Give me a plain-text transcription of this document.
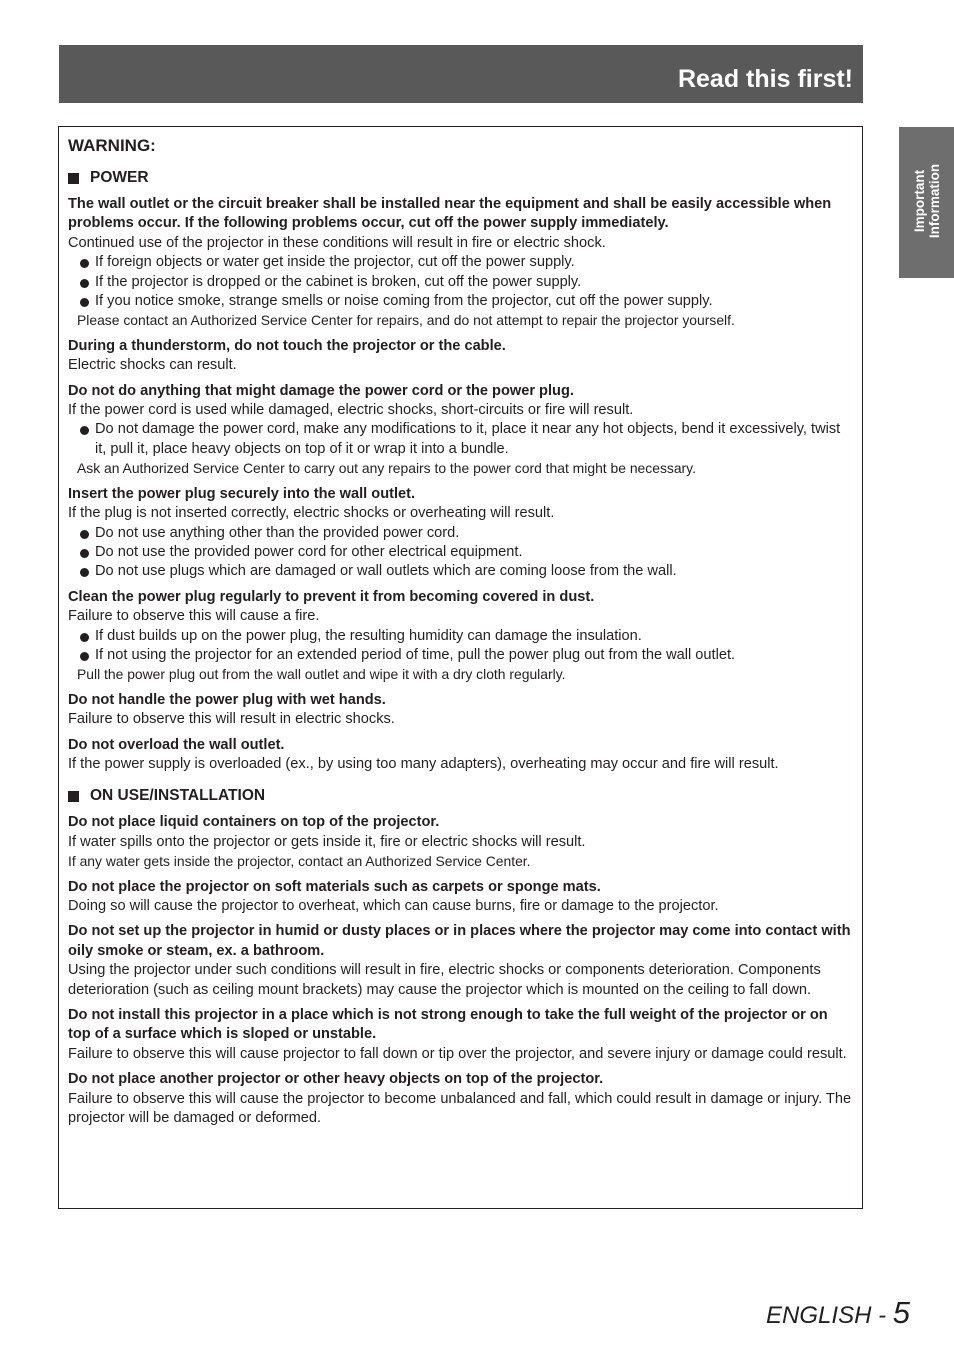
Read this first!
Important Information
WARNING:
POWER
The wall outlet or the circuit breaker shall be installed near the equipment and shall be easily accessible when problems occur. If the following problems occur, cut off the power supply immediately.
Continued use of the projector in these conditions will result in fire or electric shock.
If foreign objects or water get inside the projector, cut off the power supply.
If the projector is dropped or the cabinet is broken, cut off the power supply.
If you notice smoke, strange smells or noise coming from the projector, cut off the power supply.
Please contact an Authorized Service Center for repairs, and do not attempt to repair the projector yourself.
During a thunderstorm, do not touch the projector or the cable.
Electric shocks can result.
Do not do anything that might damage the power cord or the power plug.
If the power cord is used while damaged, electric shocks, short-circuits or fire will result.
Do not damage the power cord, make any modifications to it, place it near any hot objects, bend it excessively, twist it, pull it, place heavy objects on top of it or wrap it into a bundle.
Ask an Authorized Service Center to carry out any repairs to the power cord that might be necessary.
Insert the power plug securely into the wall outlet.
If the plug is not inserted correctly, electric shocks or overheating will result.
Do not use anything other than the provided power cord.
Do not use the provided power cord for other electrical equipment.
Do not use plugs which are damaged or wall outlets which are coming loose from the wall.
Clean the power plug regularly to prevent it from becoming covered in dust.
Failure to observe this will cause a fire.
If dust builds up on the power plug, the resulting humidity can damage the insulation.
If not using the projector for an extended period of time, pull the power plug out from the wall outlet.
Pull the power plug out from the wall outlet and wipe it with a dry cloth regularly.
Do not handle the power plug with wet hands.
Failure to observe this will result in electric shocks.
Do not overload the wall outlet.
If the power supply is overloaded (ex., by using too many adapters), overheating may occur and fire will result.
ON USE/INSTALLATION
Do not place liquid containers on top of the projector.
If water spills onto the projector or gets inside it, fire or electric shocks will result.
If any water gets inside the projector, contact an Authorized Service Center.
Do not place the projector on soft materials such as carpets or sponge mats.
Doing so will cause the projector to overheat, which can cause burns, fire or damage to the projector.
Do not set up the projector in humid or dusty places or in places where the projector may come into contact with oily smoke or steam, ex. a bathroom.
Using the projector under such conditions will result in fire, electric shocks or components deterioration. Components deterioration (such as ceiling mount brackets) may cause the projector which is mounted on the ceiling to fall down.
Do not install this projector in a place which is not strong enough to take the full weight of the projector or on top of a surface which is sloped or unstable.
Failure to observe this will cause projector to fall down or tip over the projector, and severe injury or damage could result.
Do not place another projector or other heavy objects on top of the projector.
Failure to observe this will cause the projector to become unbalanced and fall, which could result in damage or injury. The projector will be damaged or deformed.
ENGLISH - 5
